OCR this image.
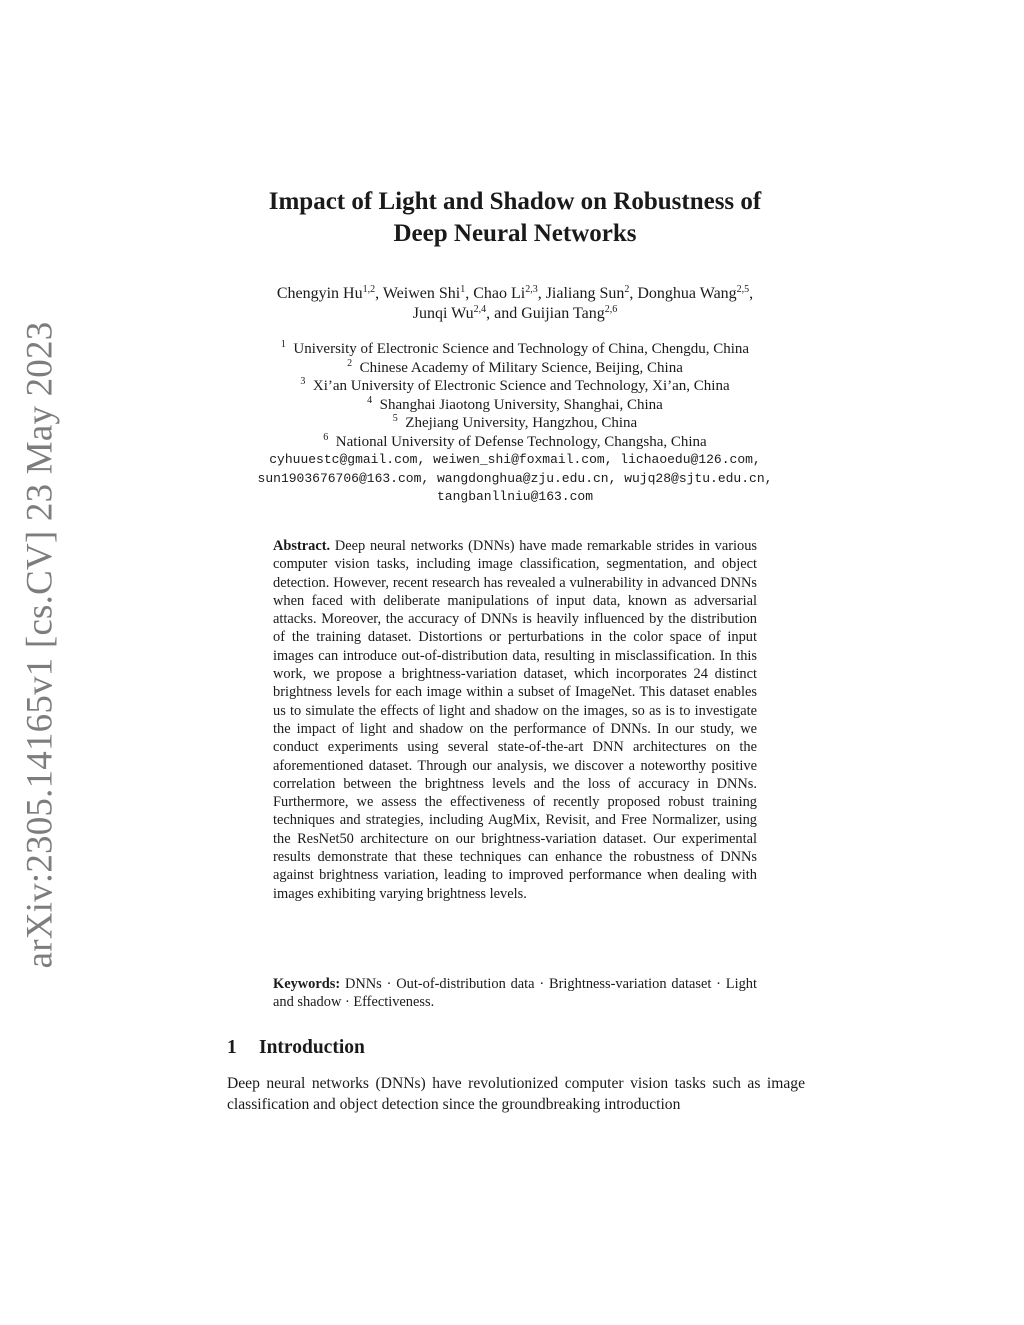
arXiv:2305.14165v1 [cs.CV] 23 May 2023
Impact of Light and Shadow on Robustness of
Deep Neural Networks
Chengyin Hu$^{1,2}$, Weiwen Shi$^1$, Chao Li$^{2,3}$, Jialiang Sun$^2$, Donghua Wang$^{2,5}$,
Junqi Wu$^{2,4}$, and Guijian Tang$^{2,6}$
$^1$ University of Electronic Science and Technology of China, Chengdu, China
$^2$ Chinese Academy of Military Science, Beijing, China
$^3$ Xi’an University of Electronic Science and Technology, Xi’an, China
$^4$ Shanghai Jiaotong University, Shanghai, China
$^5$ Zhejiang University, Hangzhou, China
$^6$ National University of Defense Technology, Changsha, China
cyhuuestc@gmail.com, weiwen_shi@foxmail.com, lichaoedu@126.com,
sun1903676706@163.com, wangdonghua@zju.edu.cn, wujq28@sjtu.edu.cn,
tangbanllniu@163.com

Abstract. Deep neural networks (DNNs) have made remarkable strides in various computer vision tasks, including image classification, segmentation, and object detection. However, recent research has revealed a vulnerability in advanced DNNs when faced with deliberate manipulations of input data, known as adversarial attacks. Moreover, the accuracy of DNNs is heavily influenced by the distribution of the training dataset. Distortions or perturbations in the color space of input images can introduce out-of-distribution data, resulting in misclassification. In this work, we propose a brightness-variation dataset, which incorporates 24 distinct brightness levels for each image within a subset of ImageNet. This dataset enables us to simulate the effects of light and shadow on the images, so as is to investigate the impact of light and shadow on the performance of DNNs. In our study, we conduct experiments using several state-of-the-art DNN architectures on the aforementioned dataset. Through our analysis, we discover a noteworthy positive correlation between the brightness levels and the loss of accuracy in DNNs. Furthermore, we assess the effectiveness of recently proposed robust training techniques and strategies, including AugMix, Revisit, and Free Normalizer, using the ResNet50 architecture on our brightness-variation dataset. Our experimental results demonstrate that these techniques can enhance the robustness of DNNs against brightness variation, leading to improved performance when dealing with images exhibiting varying brightness levels.

Keywords: DNNs · Out-of-distribution data · Brightness-variation dataset · Light and shadow · Effectiveness.

1 Introduction

Deep neural networks (DNNs) have revolutionized computer vision tasks such as image classification and object detection since the groundbreaking introduction
